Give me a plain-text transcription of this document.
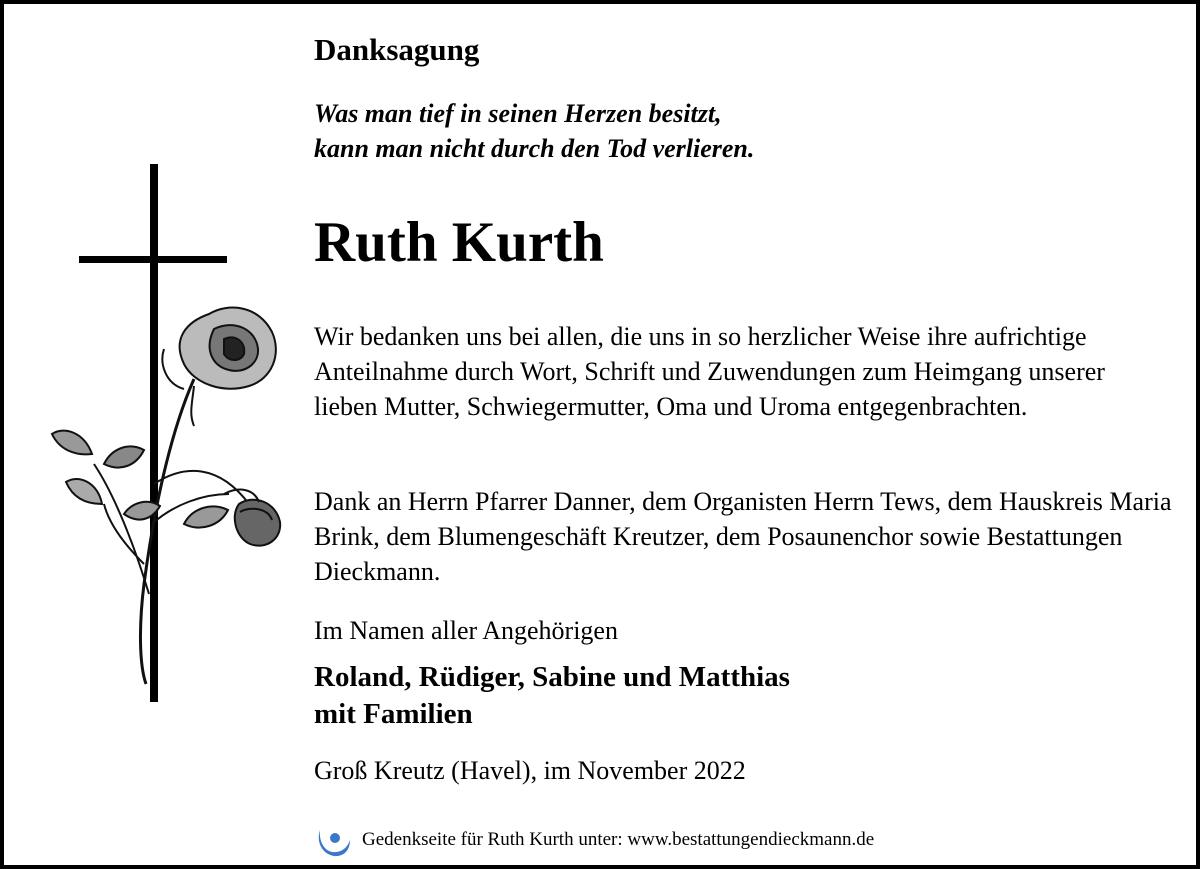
Danksagung
Was man tief in seinen Herzen besitzt,
kann man nicht durch den Tod verlieren.
Ruth Kurth
Wir bedanken uns bei allen, die uns in so herzlicher Weise ihre aufrichtige Anteilnahme durch Wort, Schrift und Zuwendungen zum Heimgang unserer lieben Mutter, Schwiegermutter, Oma und Uroma entgegenbrachten.
Dank an Herrn Pfarrer Danner, dem Organisten Herrn Tews, dem Hauskreis Maria Brink, dem Blumengeschäft Kreutzer, dem Posaunenchor sowie Bestattungen Dieckmann.
Im Namen aller Angehörigen
Roland, Rüdiger, Sabine und Matthias
mit Familien
Groß Kreutz (Havel), im November 2022
Gedenkseite für Ruth Kurth unter: www.bestattungendieckmann.de
